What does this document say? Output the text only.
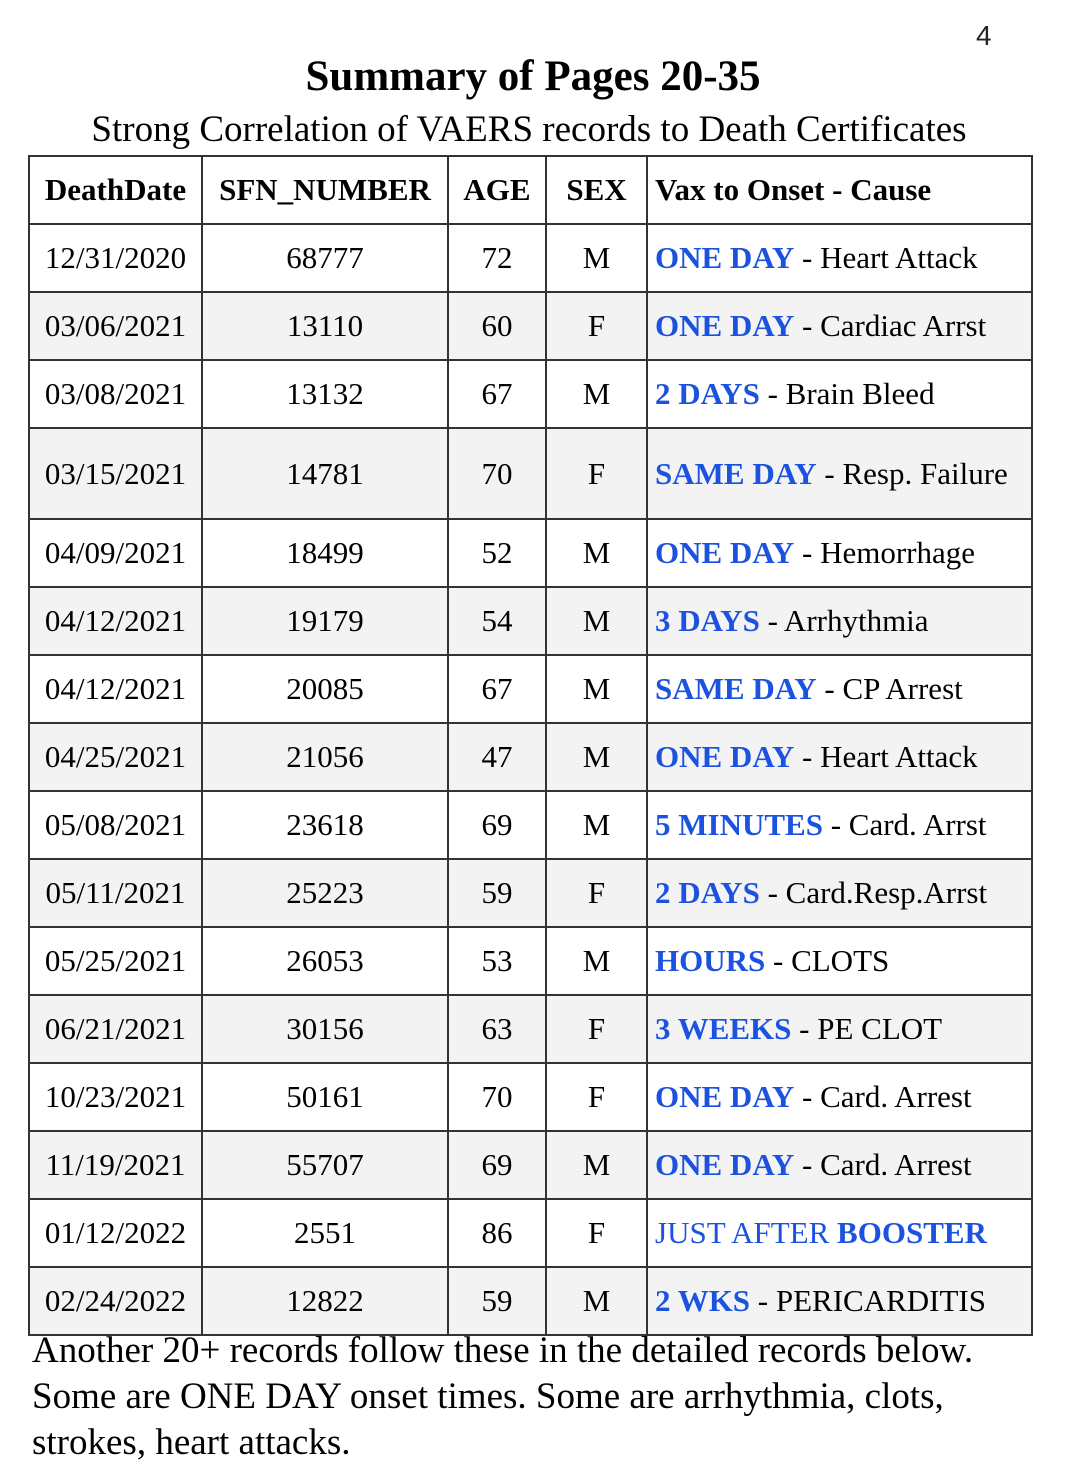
4
Summary of Pages 20-35

Strong Correlation of VAERS records to Death Certificates

DeathDate	SFN_NUMBER	AGE	SEX	Vax to Onset - Cause
12/31/2020	68777	72	M	ONE DAY - Heart Attack
03/06/2021	13110	60	F	ONE DAY - Cardiac Arrst
03/08/2021	13132	67	M	2 DAYS - Brain Bleed
03/15/2021	14781	70	F	SAME DAY - Resp. Failure
04/09/2021	18499	52	M	ONE DAY - Hemorrhage
04/12/2021	19179	54	M	3 DAYS - Arrhythmia
04/12/2021	20085	67	M	SAME DAY - CP Arrest
04/25/2021	21056	47	M	ONE DAY - Heart Attack
05/08/2021	23618	69	M	5 MINUTES - Card. Arrst
05/11/2021	25223	59	F	2 DAYS - Card.Resp.Arrst
05/25/2021	26053	53	M	HOURS - CLOTS
06/21/2021	30156	63	F	3 WEEKS - PE CLOT
10/23/2021	50161	70	F	ONE DAY - Card. Arrest
11/19/2021	55707	69	M	ONE DAY - Card. Arrest
01/12/2022	2551	86	F	JUST AFTER BOOSTER
02/24/2022	12822	59	M	2 WKS - PERICARDITIS

Another 20+ records follow these in the detailed records below. Some are ONE DAY onset times. Some are arrhythmia, clots, strokes, heart attacks.
